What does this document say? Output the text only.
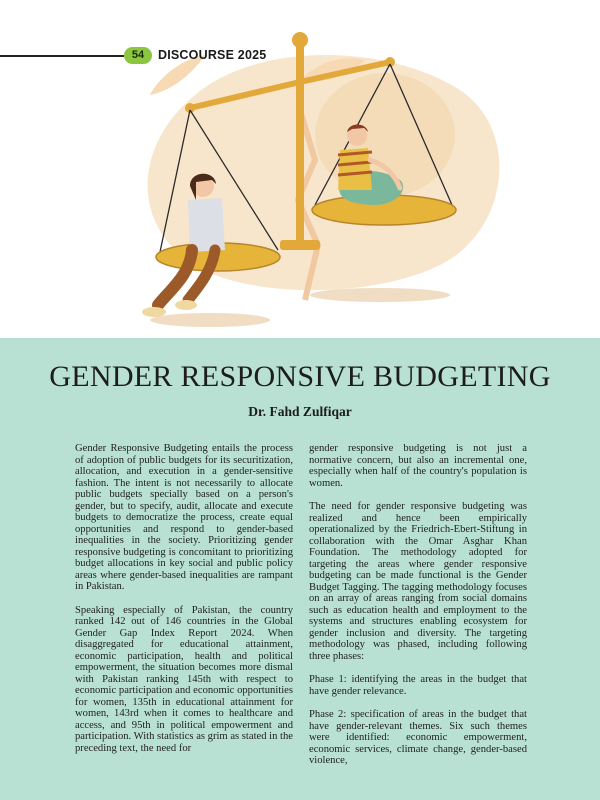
54	DISCOURSE 2025
GENDER RESPONSIVE BUDGETING
Dr. Fahd Zulfiqar

Gender Responsive Budgeting entails the process of adoption of public budgets for its securitization, allocation, and execution in a gender-sensitive fashion. The intent is not necessarily to allocate public budgets specially based on a person's gender, but to specify, audit, allocate and execute budgets to democratize the process, create equal opportunities and respond to gender-based inequalities in the society. Prioritizing gender responsive budgeting is concomitant to prioritizing budget allocations in key social and public policy areas where gender-based inequalities are rampant in Pakistan.

Speaking especially of Pakistan, the country ranked 142 out of 146 countries in the Global Gender Gap Index Report 2024. When disaggregated for educational attainment, economic participation, health and political empowerment, the situation becomes more dismal with Pakistan ranking 145th with respect to economic participation and economic opportunities for women, 135th in educational attainment for women, 143rd when it comes to healthcare and access, and 95th in political empowerment and participation. With statistics as grim as stated in the preceding text, the need for

gender responsive budgeting is not just a normative concern, but also an incremental one, especially when half of the country's population is women.

The need for gender responsive budgeting was realized and hence been empirically operationalized by the Friedrich-Ebert-Stiftung in collaboration with the Omar Asghar Khan Foundation. The methodology adopted for targeting the areas where gender responsive budgeting can be made functional is the Gender Budget Tagging. The tagging methodology focuses on an array of areas ranging from social domains such as education health and employment to the systems and structures enabling ecosystem for gender inclusion and diversity. The targeting methodology was phased, including following three phases:

Phase 1: identifying the areas in the budget that have gender relevance.

Phase 2: specification of areas in the budget that have gender-relevant themes. Six such themes were identified: economic empowerment, economic services, climate change, gender-based violence,
